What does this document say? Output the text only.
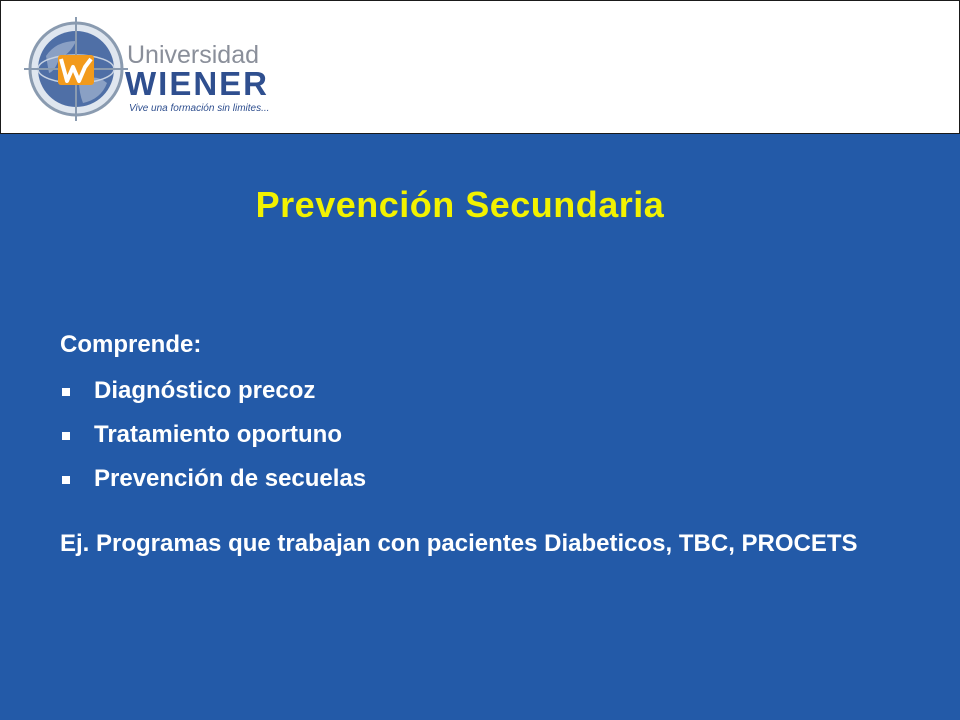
Universidad
WIENER
Vive una formación sin limites...
Prevención Secundaria
Comprende:
Diagnóstico precoz
Tratamiento oportuno
Prevención de secuelas
Ej. Programas que trabajan con pacientes Diabeticos, TBC, PROCETS
